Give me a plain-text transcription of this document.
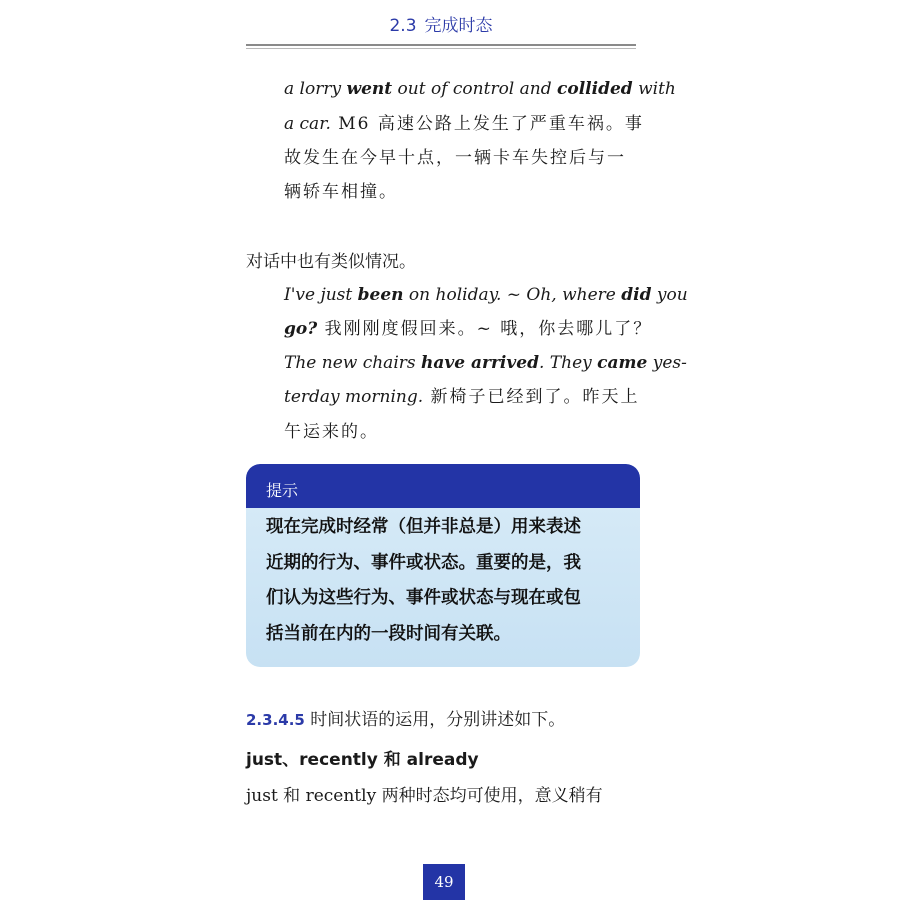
2.3 完成时态
a lorry went out of control and collided with
a car. M6 高速公路上发生了严重车祸。事
故发生在今早十点，一辆卡车失控后与一
辆轿车相撞。
对话中也有类似情况。
I've just been on holiday. ~ Oh, where did you
go? 我刚刚度假回来。~ 哦，你去哪儿了？
The new chairs have arrived. They came yes-
terday morning. 新椅子已经到了。昨天上
午运来的。
提示
现在完成时经常（但并非总是）用来表述
近期的行为、事件或状态。重要的是，我
们认为这些行为、事件或状态与现在或包
括当前在内的一段时间有关联。
2.3.4.5 时间状语的运用，分别讲述如下。
just、recently 和 already
just 和 recently 两种时态均可使用，意义稍有
49
